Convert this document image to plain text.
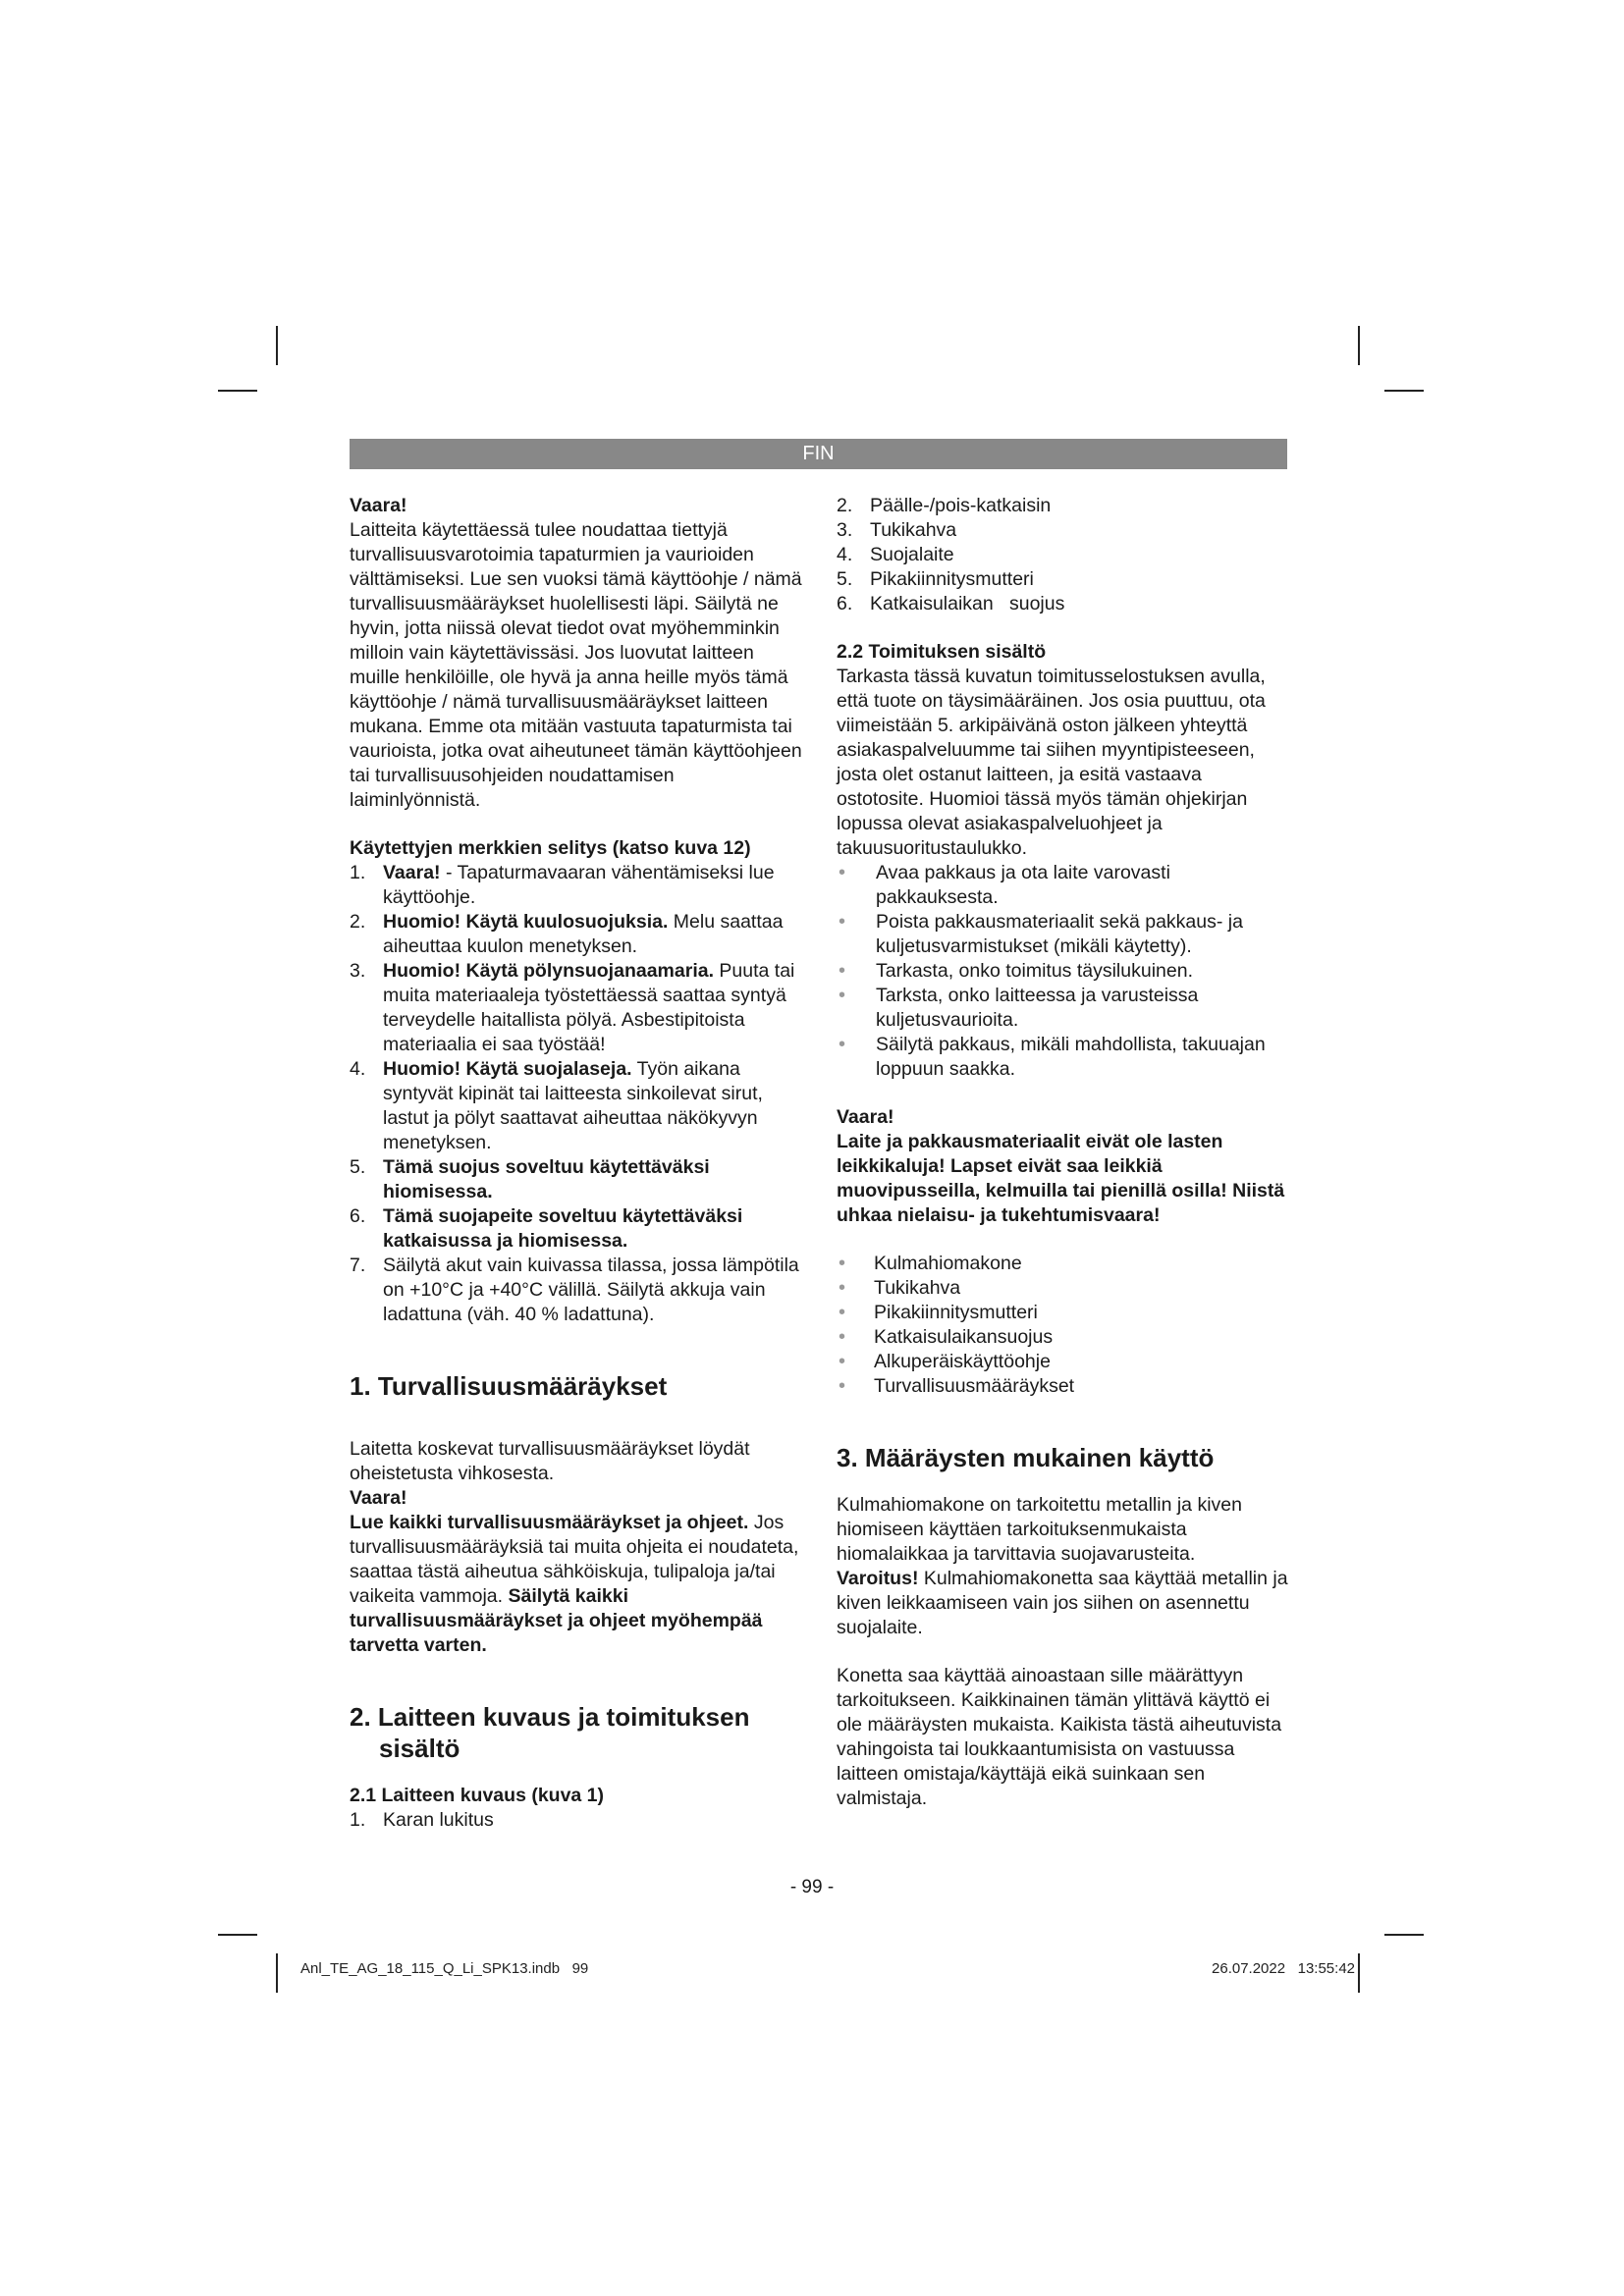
FIN

Vaara!

Laitteita käytettäessä tulee noudattaa tiettyjä turvallisuusvarotoimia tapaturmien ja vaurioiden välttämiseksi. Lue sen vuoksi tämä käyttöohje / nämä turvallisuusmääräykset huolellisesti läpi. Säilytä ne hyvin, jotta niissä olevat tiedot ovat myöhemminkin milloin vain käytettävissäsi. Jos luovutat laitteen muille henkilöille, ole hyvä ja anna heille myös tämä käyttöohje / nämä turvallisuusmääräykset laitteen mukana. Emme ota mitään vastuuta tapaturmista tai vaurioista, jotka ovat aiheutuneet tämän käyttöohjeen tai turvallisuusohjeiden noudattamisen laiminlyönnistä.

Käytettyjen merkkien selitys (katso kuva 12)

1. Vaara! - Tapaturmavaaran vähentämiseksi lue käyttöohje.
2. Huomio! Käytä kuulosuojuksia. Melu saattaa aiheuttaa kuulon menetyksen.
3. Huomio! Käytä pölynsuojanaamaria. Puuta tai muita materiaaleja työstettäessä saattaa syntyä terveydelle haitallista pölyä. Asbestipitoista materiaalia ei saa työstää!
4. Huomio! Käytä suojalaseja. Työn aikana syntyvät kipinät tai laitteesta sinkoilevat sirut, lastut ja pölyt saattavat aiheuttaa näkökyvyn menetyksen.
5. Tämä suojus soveltuu käytettäväksi hiomisessa.
6. Tämä suojapeite soveltuu käytettäväksi katkaisussa ja hiomisessa.
7. Säilytä akut vain kuivassa tilassa, jossa lämpötila on +10°C ja +40°C välillä. Säilytä akkuja vain ladattuna (väh. 40 % ladattuna).

1. Turvallisuusmääräykset

Laitetta koskevat turvallisuusmääräykset löydät oheistetusta vihkosesta.

Vaara!

Lue kaikki turvallisuusmääräykset ja ohjeet. Jos turvallisuusmääräyksiä tai muita ohjeita ei noudateta, saattaa tästä aiheutua sähköiskuja, tulipaloja ja/tai vaikeita vammoja. Säilytä kaikki turvallisuusmääräykset ja ohjeet myöhempää tarvetta varten.

2. Laitteen kuvaus ja toimituksen sisältö

2.1 Laitteen kuvaus (kuva 1)

1. Karan lukitus
2. Päälle-/pois-katkaisin
3. Tukikahva
4. Suojalaite
5. Pikakiinnitysmutteri
6. Katkaisulaikan   suojus

2.2 Toimituksen sisältö

Tarkasta tässä kuvatun toimitusselostuksen avulla, että tuote on täysimääräinen. Jos osia puuttuu, ota viimeistään 5. arkipäivänä oston jälkeen yhteyttä asiakaspalveluumme tai siihen myyntipisteeseen, josta olet ostanut laitteen, ja esitä vastaava ostotosite. Huomioi tässä myös tämän ohjekirjan lopussa olevat asiakaspalveluohjeet ja takuusuoritustaulukko.

• Avaa pakkaus ja ota laite varovasti pakkauksesta.
• Poista pakkausmateriaalit sekä pakkaus- ja kuljetusvarmistukset (mikäli käytetty).
• Tarkasta, onko toimitus täysilukuinen.
• Tarksta, onko laitteessa ja varusteissa kuljetusvaurioita.
• Säilytä pakkaus, mikäli mahdollista, takuuajan loppuun saakka.

Vaara!

Laite ja pakkausmateriaalit eivät ole lasten leikkikaluja! Lapset eivät saa leikkiä muovipusseilla, kelmuilla tai pienillä osilla! Niistä uhkaa nielaisu- ja tukehtumisvaara!

• Kulmahiomakone
• Tukikahva
• Pikakiinnitysmutteri
• Katkaisulaikansuojus
• Alkuperäiskäyttöohje
• Turvallisuusmääräykset

3. Määräysten mukainen käyttö

Kulmahiomakone on tarkoitettu metallin ja kiven hiomiseen käyttäen tarkoituksenmukaista hiomalaikkaa ja tarvittavia suojavarusteita.

Varoitus! Kulmahiomakonetta saa käyttää metallin ja kiven leikkaamiseen vain jos siihen on asennettu suojalaite.

Konetta saa käyttää ainoastaan sille määrättyyn tarkoitukseen. Kaikkinainen tämän ylittävä käyttö ei ole määräysten mukaista. Kaikista tästä aiheutuvista vahingoista tai loukkaantumisista on vastuussa laitteen omistaja/käyttäjä eikä suinkaan sen valmistaja.

- 99 -
Anl_TE_AG_18_115_Q_Li_SPK13.indb   99	26.07.2022 13:55:42
